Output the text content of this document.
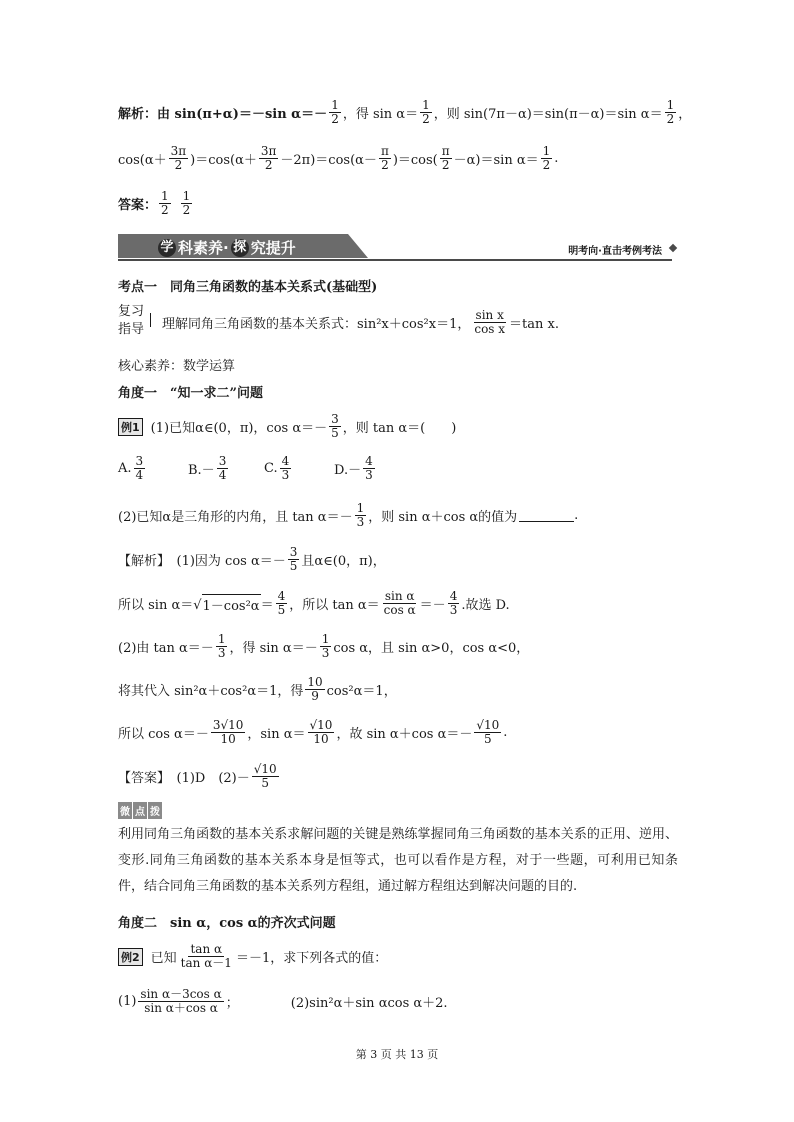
解析：由 sin(π+α)＝－sin $\alpha=- \frac{1}{2}$ ，得 $\sin \alpha= \frac{1}{2}$ ，则 sin(7π－α)＝sin(π－α)＝sin $\alpha= \frac{1}{2}$ ，
$\cos(\alpha+ \frac{3\pi}{2} )=\cos(\alpha+ \frac{3\pi}{2} -2\pi)=\cos(\alpha- \frac{\pi}{2} )=\cos( \frac{\pi}{2} -\alpha)=\sin$ $\alpha= \frac{1}{2}$ .
答案： $\frac{1}{2} \frac{1}{2}$
学 科素养· 探 究提升	明考向·直击考例考法
考点一　同角三角函数的基本关系式(基础型)
复习指导	理解同角三角函数的基本关系式：sin²x＋cos²x＝1， $\frac{\text{sin x}}{\text{cos x}} =\tan$ x.
核心素养：数学运算
角度一　“知一求二”问题
例1 (1)已知α∈(0，π)，$\cos \alpha=- \frac{3}{5}$ ，则 tan α＝(　　)
A. $\frac{3}{4}$	$B.- \frac{3}{4}$	C. $\frac{4}{3}$	$D.- \frac{4}{3}$
(2)已知α是三角形的内角，且 $\tan \alpha=- \frac{1}{3}$ ，则 sin α＋cos α的值为	.
【解析】　(1)因为 $\cos \alpha=- \frac{3}{5}$ 且α∈(0，π)，
所以 sin α＝√ $1-\cos^2\alpha = \frac{4}{5}$ ，所以 $\tan \alpha= \frac{\text{sin α}}{\text{cos α}} =- \frac{4}{3}$ .故选 D.
(2)由 $\tan \alpha=- \frac{1}{3}$ ，得 $\sin \alpha=- \frac{1}{3}$ cos α，且 sin α>0，cos α<0，
将其代入 sin²α＋cos²α＝1，得 $\frac{10}{9} \cos^2\alpha=1$，
所以 $\cos \alpha=- \frac{3√10}{10}$ ，$\sin \alpha= \frac{√10}{10}$ ，故 sin α＋cos $\alpha=- \frac{√10}{5}$ .
【答案】　(1)D　$(2)- \frac{√10}{5}$
微 点 拨
利用同角三角函数的基本关系求解问题的关键是熟练掌握同角三角函数的基本关系的正用、逆用、变形.同角三角函数的基本关系本身是恒等式，也可以看作是方程，对于一些题，可利用已知条件，结合同角三角函数的基本关系列方程组，通过解方程组达到解决问题的目的.
角度二　sin α，cos α的齐次式问题
例2 已知 $\frac{\text{tan α}}{\text{tan α－1}} =-1$，求下列各式的值：
$(1) \frac{\text{sin α－3cos α}}{\text{sin α＋cos α}}$ ；	(2)sin²α＋sin αcos α＋2.
第 3 页 共 13 页
